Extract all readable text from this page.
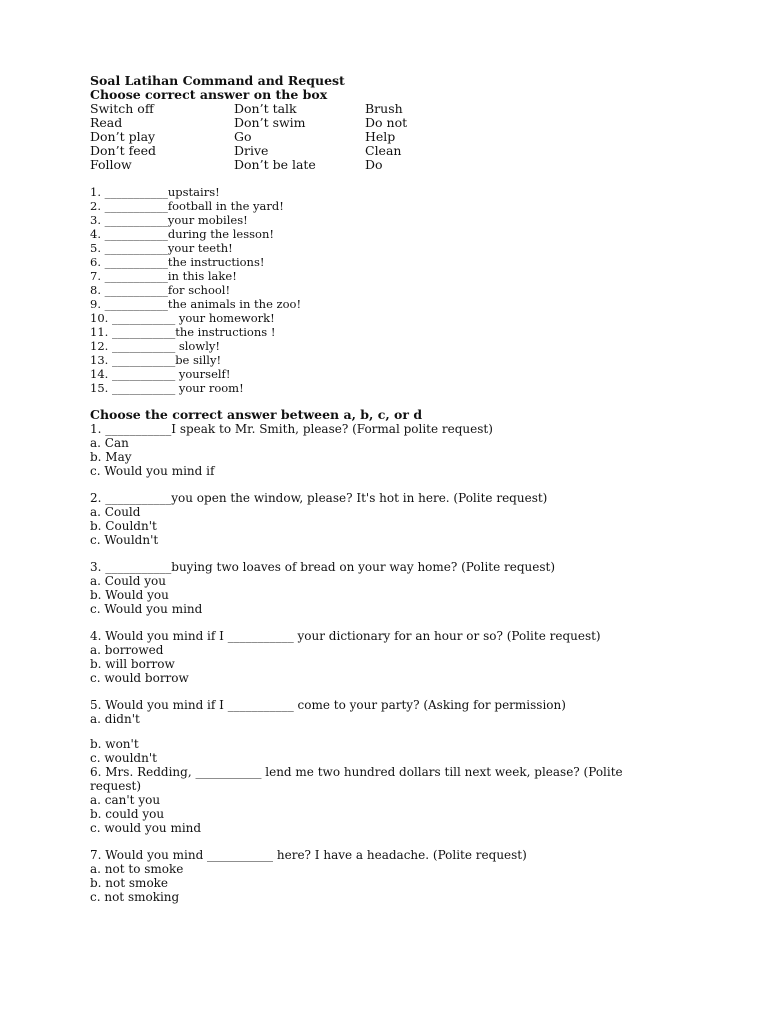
Soal Latihan Command and Request
Choose correct answer on the box
Switch off	Don’t talk	Brush
Read	Don’t swim	Do not
Don’t play	Go	Help
Don’t feed	Drive	Clean
Follow	Don’t be late	Do
1. ___________upstairs!
2. ___________football in the yard!
3. ___________your mobiles!
4. ___________during the lesson!
5. ___________your teeth!
6. ___________the instructions!
7. ___________in this lake!
8. ___________for school!
9. ___________the animals in the zoo!
10. ___________ your homework!
11. ___________the instructions !
12. ___________ slowly!
13. ___________be silly!
14. ___________ yourself!
15. ___________ your room!
Choose the correct answer between a, b, c, or d
1. ___________I speak to Mr. Smith, please? (Formal polite request)
a. Can
b. May
c. Would you mind if
2. ___________you open the window, please? It's hot in here. (Polite request)
a. Could
b. Couldn't
c. Wouldn't
3. ___________buying two loaves of bread on your way home? (Polite request)
a. Could you
b. Would you
c. Would you mind
4. Would you mind if I ___________ your dictionary for an hour or so? (Polite request)
a. borrowed
b. will borrow
c. would borrow
5. Would you mind if I ___________ come to your party? (Asking for permission)
a. didn't
b. won't
c. wouldn't
6. Mrs. Redding, ___________ lend me two hundred dollars till next week, please? (Polite request)
a. can't you
b. could you
c. would you mind
7. Would you mind ___________ here? I have a headache. (Polite request)
a. not to smoke
b. not smoke
c. not smoking
